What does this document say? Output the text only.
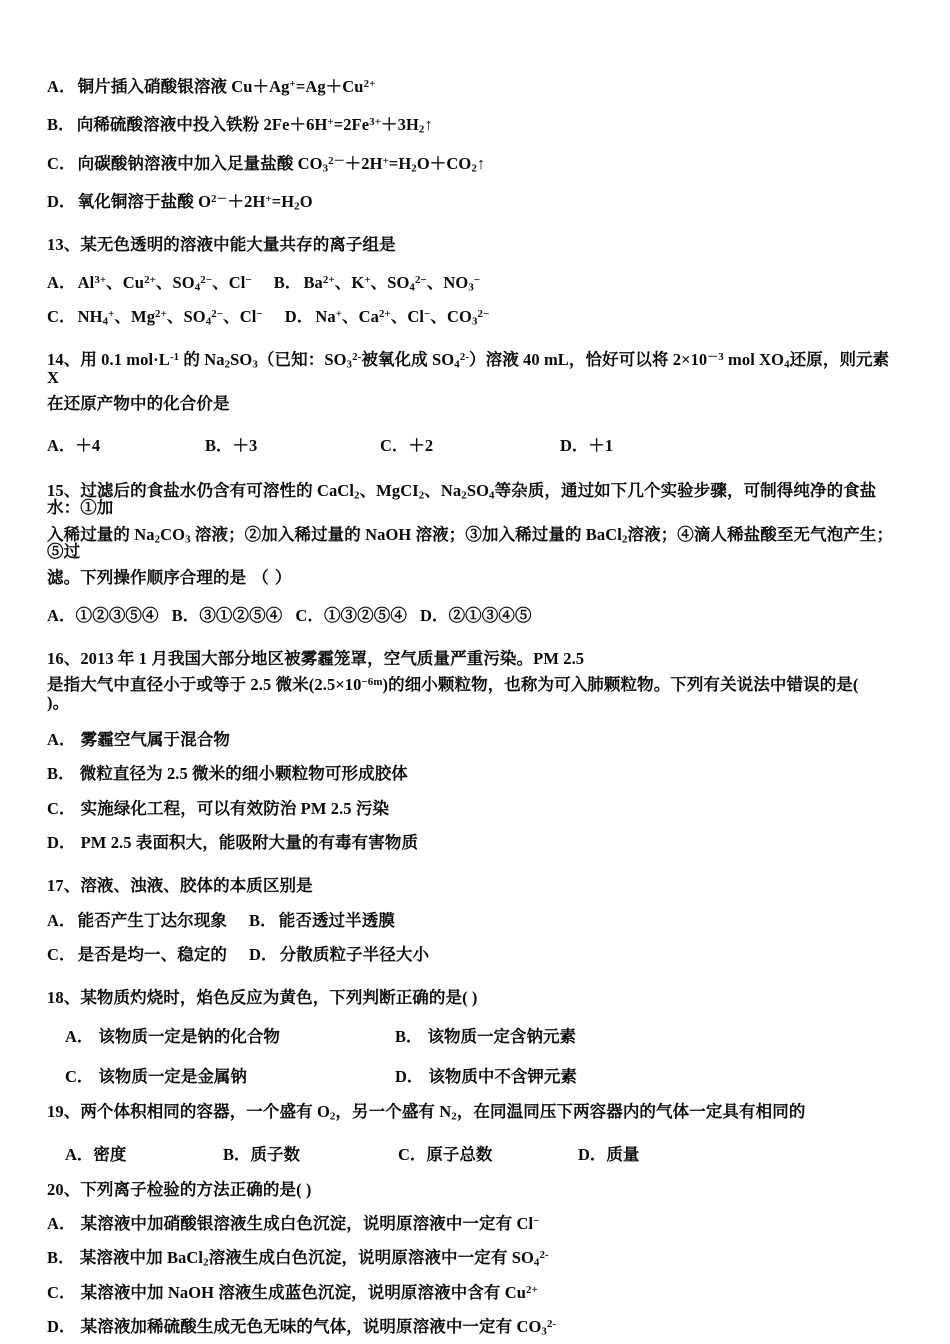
A． 铜片插入硝酸银溶液 $Cu+Ag^+=Ag+Cu^{2+}$
B． 向稀硫酸溶液中投入铁粉 $2Fe+6H^+=2Fe^{3+}+3H_2↑$
C． 向碳酸钠溶液中加入足量盐酸 $CO_3^{2-}+2H^+=H_2O+CO_2↑$
D． 氧化铜溶于盐酸 $O^{2-}+2H^+=H_2O$
13、某无色透明的溶液中能大量共存的离子组是
A． $Al^{3+}$、$Cu^{2+}$、$SO_4^{2-}$、Cl− B． $Ba^{2+}$、K+、$SO_4^{2-}$、$NO_3^-$
C． $NH_4^+$、$Mg^{2+}$、$SO_4^{2-}$、Cl− D． Na+、$Ca^{2+}$、Cl−、$CO_3^{2-}$
14、用 0.1 $mol\cdot L^{-1}$ 的 $Na_2SO_3$（已知：$SO_3^{2-}$被氧化成 $SO_4^{2-}$）溶液 40 mL，恰好可以将 $2\times 10^{-3}$ mol $XO_4$还原，则元素 X
在还原产物中的化合价是
A．＋4	B．＋3	C．＋2	D．＋1
15、过滤后的食盐水仍含有可溶性的 CaCl$_2$、MgCI$_2$、$Na_2SO_4$等杂质，通过如下几个实验步骤，可制得纯净的食盐水：①加
入稀过量的 $Na_2CO_3$ 溶液；②加入稀过量的 NaOH 溶液；③加入稀过量的 BaCl$_2$溶液；④滴人稀盐酸至无气泡产生；⑤过
滤。下列操作顺序合理的是 （ ）
A．①②③⑤④ B．③①②⑤④ C．①③②⑤④ D．②①③④⑤
16、2013 年 1 月我国大部分地区被雾霾笼罩，空气质量严重污染。PM 2.5
是指大气中直径小于或等于 2.5 微米$(2.5\times 10^{-6m})$的细小颗粒物，也称为可入肺颗粒物。下列有关说法中错误的是()。
A． 雾霾空气属于混合物
B． 微粒直径为 2.5 微米的细小颗粒物可形成胶体
C． 实施绿化工程，可以有效防治 PM 2.5 污染
D． PM 2.5 表面积大，能吸附大量的有毒有害物质
17、溶液、浊液、胶体的本质区别是
A． 能否产生丁达尔现象 B． 能否透过半透膜
C． 是否是均一、稳定的 D． 分散质粒子半径大小
18、某物质灼烧时，焰色反应为黄色，下列判断正确的是( )
A． 该物质一定是钠的化合物	B． 该物质一定含钠元素
C． 该物质一定是金属钠	D． 该物质中不含钾元素
19、两个体积相同的容器，一个盛有 $O_2$，另一个盛有 $N_2$，在同温同压下两容器内的气体一定具有相同的
A．密度	B．质子数	C．原子总数	D．质量
20、下列离子检验的方法正确的是( )
A． 某溶液中加硝酸银溶液生成白色沉淀，说明原溶液中一定有 Cl−
B． 某溶液中加 BaCl$_2$溶液生成白色沉淀，说明原溶液中一定有 $SO_4^{2-}$
C． 某溶液中加 NaOH 溶液生成蓝色沉淀，说明原溶液中含有 $Cu^{2+}$
D． 某溶液加稀硫酸生成无色无味的气体，说明原溶液中一定有 $CO_3^{2-}$
